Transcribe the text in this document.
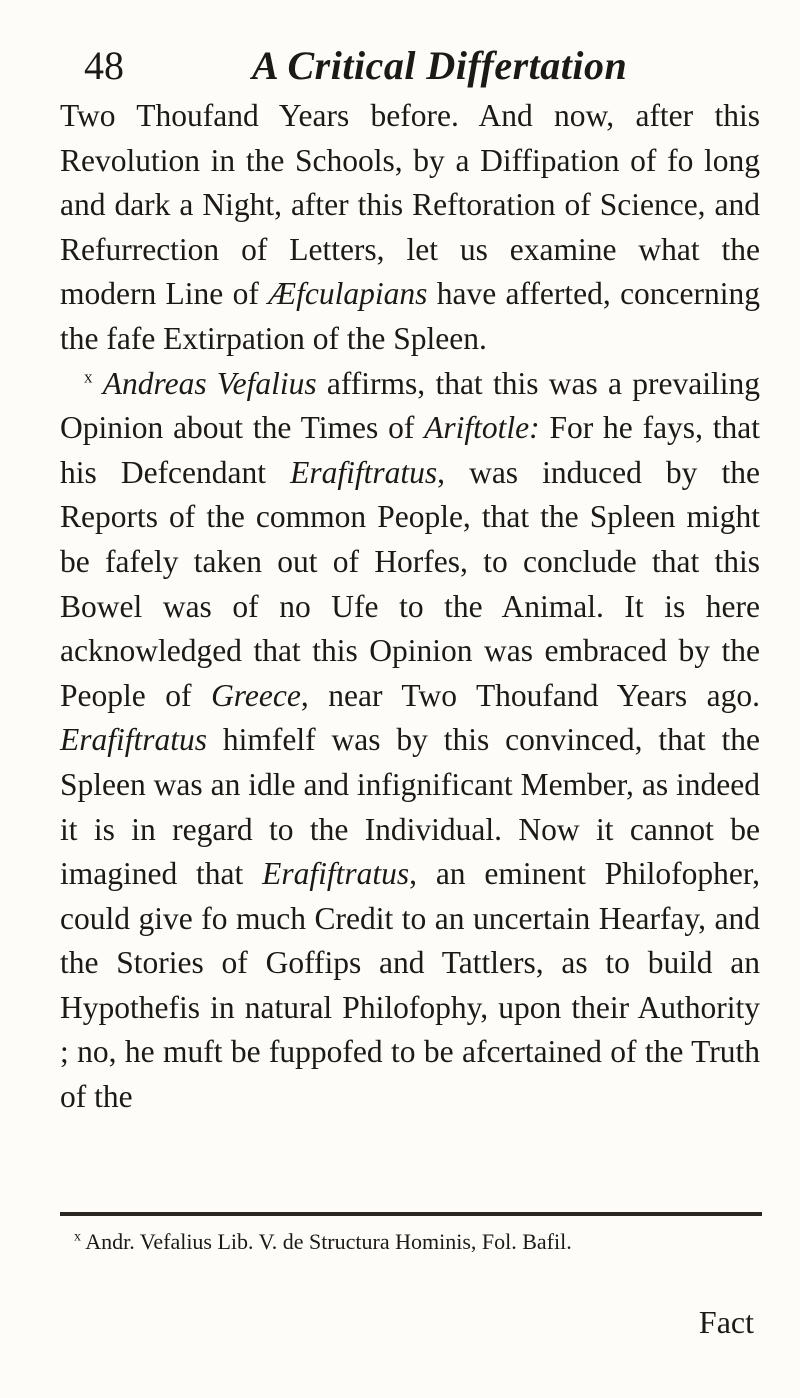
48	A Critical Differtation

Two Thoufand Years before. And now, after this Revolution in the Schools, by a Diffipation of fo long and dark a Night, after this Reftoration of Science, and Refurrection of Letters, let us examine what the modern Line of Æfculapians have afferted, concerning the fafe Extirpation of the Spleen.

$^x$ Andreas Vefalius affirms, that this was a prevailing Opinion about the Times of Ariftotle: For he fays, that his Defcendant Erafiftratus, was induced by the Reports of the common People, that the Spleen might be fafely taken out of Horfes, to conclude that this Bowel was of no Ufe to the Animal. It is here acknowledged that this Opinion was embraced by the People of Greece, near Two Thoufand Years ago. Erafiftratus himfelf was by this convinced, that the Spleen was an idle and infignificant Member, as indeed it is in regard to the Individual. Now it cannot be imagined that Erafiftratus, an eminent Philofopher, could give fo much Credit to an uncertain Hearfay, and the Stories of Goffips and Tattlers, as to build an Hypothefis in natural Philofophy, upon their Authority ; no, he muft be fuppofed to be afcertained of the Truth of the

$^x$ Andr. Vefalius Lib. V. de Structura Hominis, Fol. Bafil.
Fact
